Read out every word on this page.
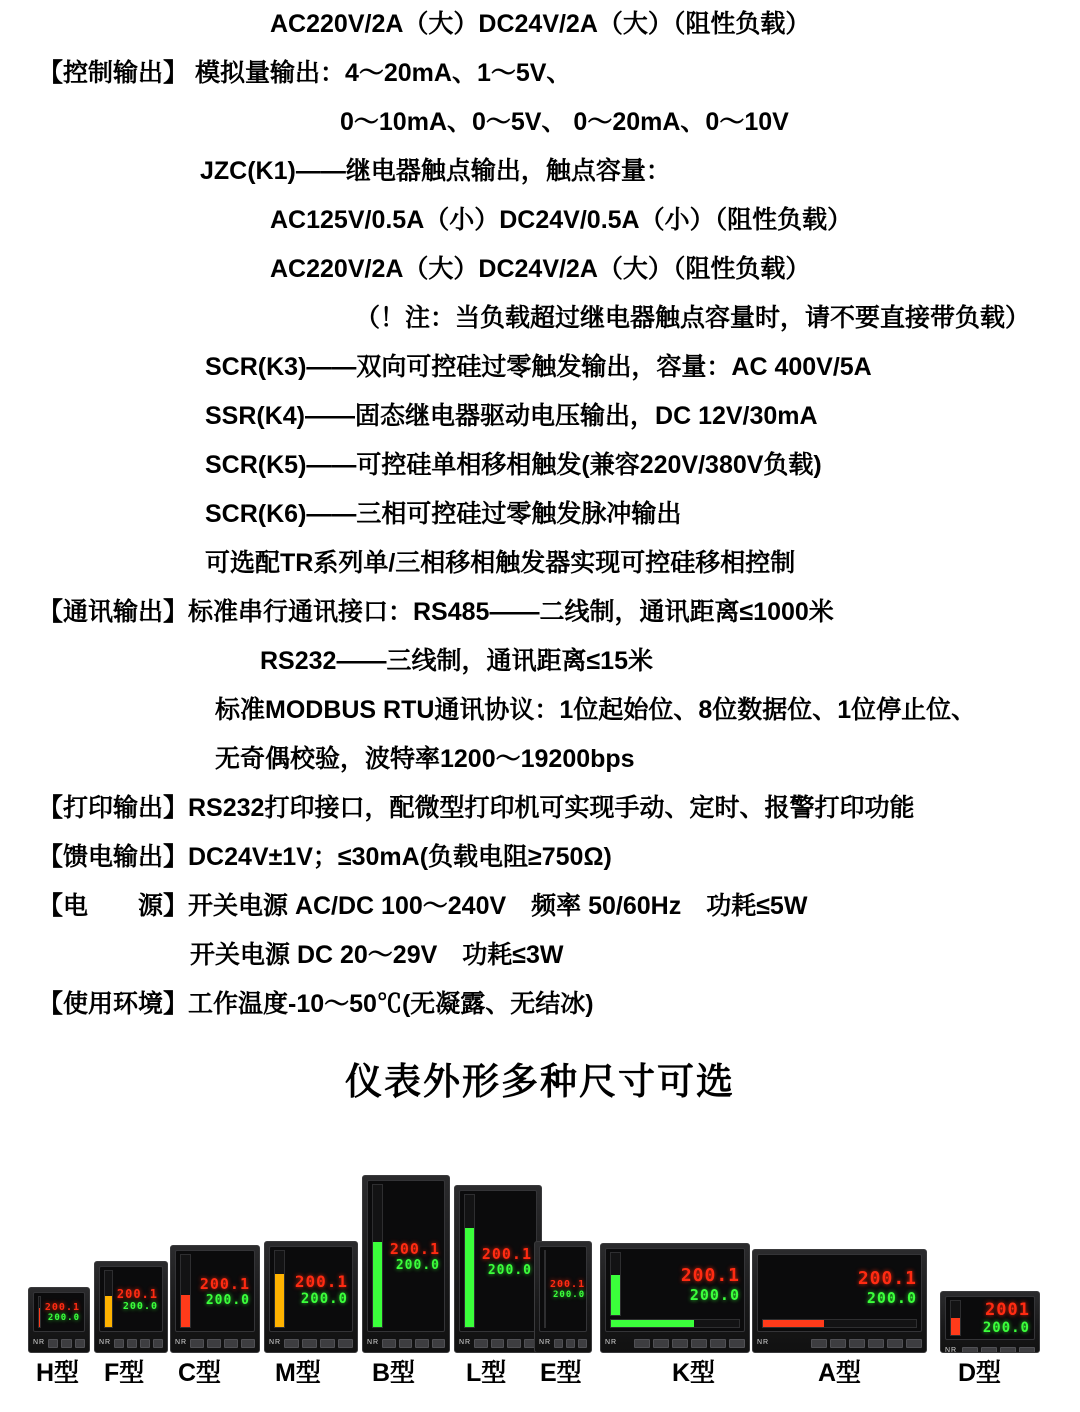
AC220V/2A（大）DC24V/2A（大）（阻性负载）
【控制输出】 模拟量输出：4～20mA、1～5V、
0～10mA、0～5V、 0～20mA、0～10V
JZC(K1)——继电器触点输出，触点容量：
AC125V/0.5A（小）DC24V/0.5A（小）（阻性负载）
AC220V/2A（大）DC24V/2A（大）（阻性负载）
（！注：当负载超过继电器触点容量时，请不要直接带负载）
SCR(K3)——双向可控硅过零触发输出，容量：AC 400V/5A
SSR(K4)——固态继电器驱动电压输出，DC 12V/30mA
SCR(K5)——可控硅单相移相触发(兼容220V/380V负载)
SCR(K6)——三相可控硅过零触发脉冲输出
可选配TR系列单/三相移相触发器实现可控硅移相控制
【通讯输出】标准串行通讯接口：RS485——二线制，通讯距离≤1000米
RS232——三线制，通讯距离≤15米
标准MODBUS RTU通讯协议：1位起始位、8位数据位、1位停止位、
无奇偶校验，波特率1200～19200bps
【打印输出】RS232打印接口，配微型打印机可实现手动、定时、报警打印功能
【馈电输出】DC24V±1V；≤30mA(负载电阻≥750Ω)
【电　　源】开关电源 AC/DC 100～240V　频率 50/60Hz　功耗≤5W
开关电源 DC 20～29V　功耗≤3W
【使用环境】工作温度-10～50℃(无凝露、无结冰)
仪表外形多种尺寸可选
200.1
200.0
NR
200.1
200.0
NR
200.1
200.0
NR
200.1
200.0
NR
200.1
200.0
NR
200.1
200.0
NR
200.1
200.0
NR
200.1
200.0
NR
200.1
200.0
NR
2001
200.0
NR
H型 F型 C型 M型 B型 L型 E型	K型	A型	D型
